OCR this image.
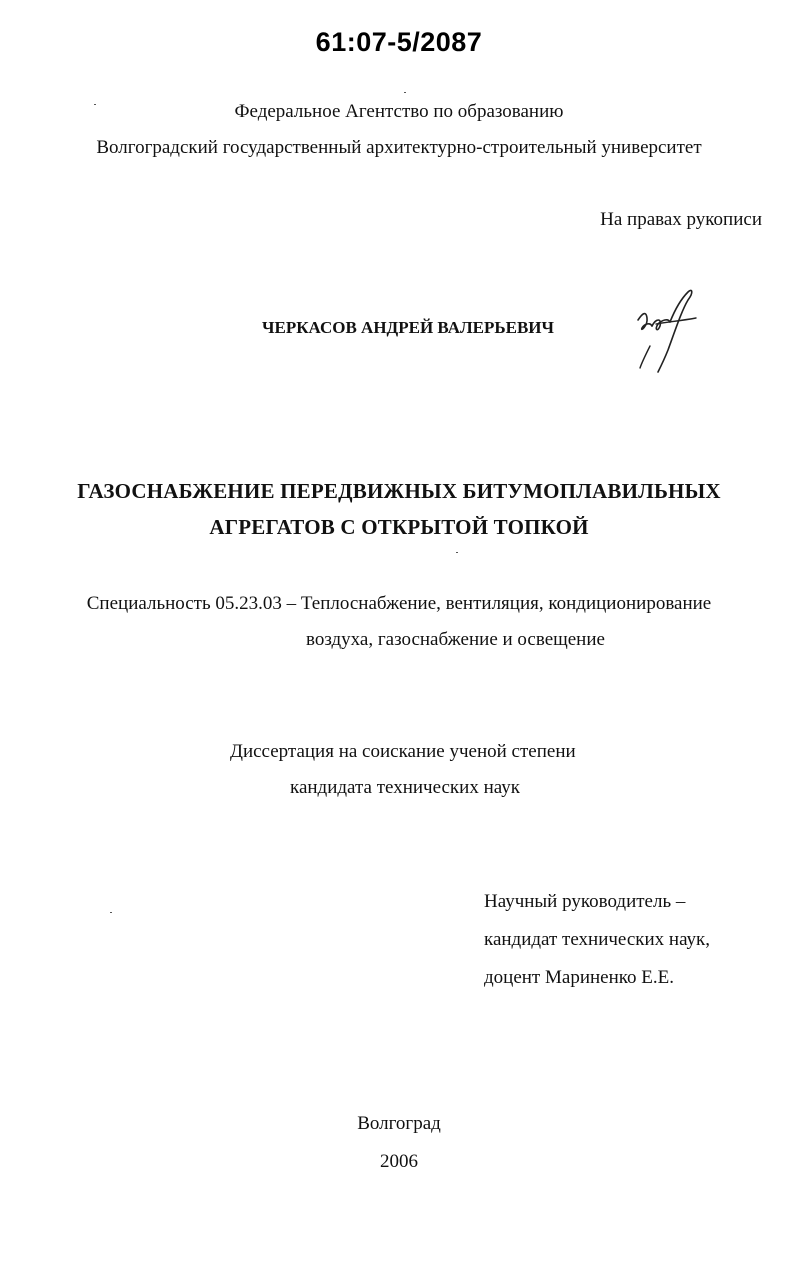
61:07-5/2087
Федеральное Агентство по образованию
Волгоградский государственный архитектурно-строительный университет
На правах рукописи
ЧЕРКАСОВ АНДРЕЙ ВАЛЕРЬЕВИЧ
ГАЗОСНАБЖЕНИЕ ПЕРЕДВИЖНЫХ БИТУМОПЛАВИЛЬНЫХ
АГРЕГАТОВ С ОТКРЫТОЙ ТОПКОЙ
Специальность 05.23.03 – Теплоснабжение, вентиляция, кондиционирование
воздуха, газоснабжение и освещение
Диссертация на соискание ученой степени
кандидата технических наук
Научный руководитель –
кандидат технических наук,
доцент Мариненко Е.Е.
Волгоград
2006
